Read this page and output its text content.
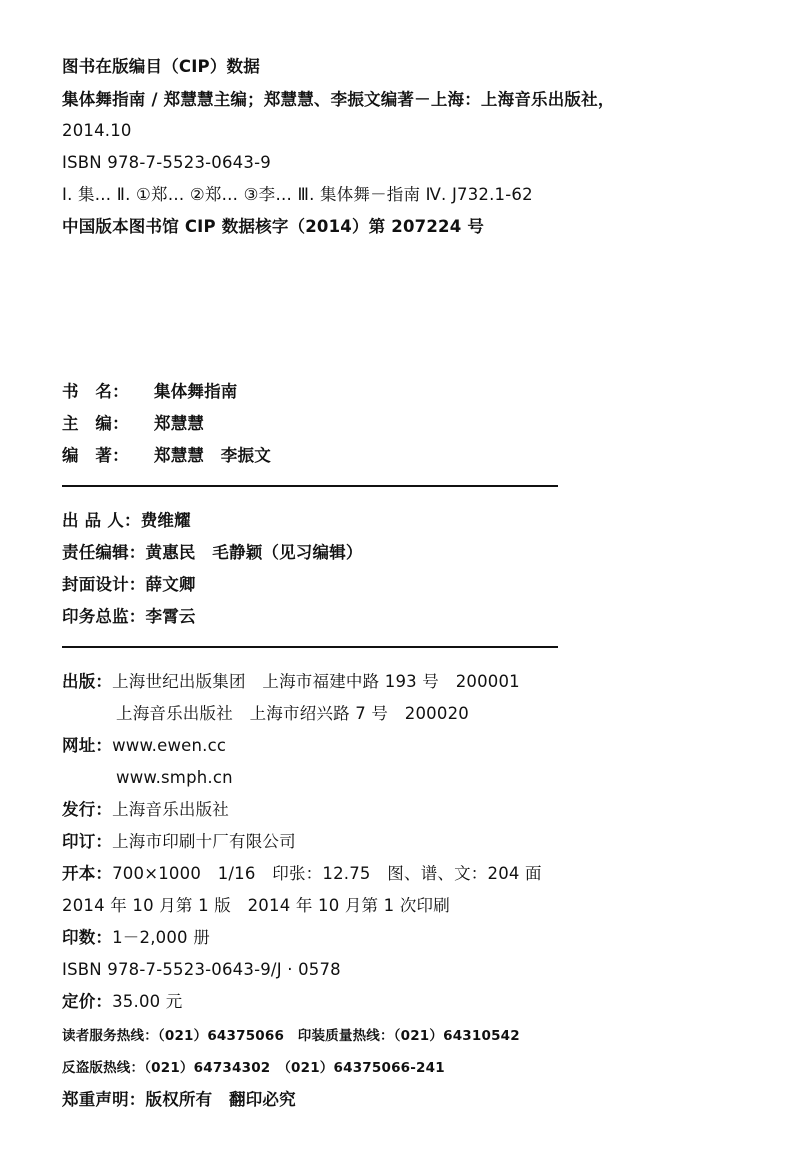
图书在版编目（CIP）数据
集体舞指南 / 郑慧慧主编；郑慧慧、李振文编著－上海：上海音乐出版社，
2014.10
ISBN 978-7-5523-0643-9
Ⅰ. 集… Ⅱ. ①郑… ②郑… ③李… Ⅲ. 集体舞－指南 Ⅳ. J732.1-62
中国版本图书馆 CIP 数据核字（2014）第 207224 号
书　名： 集体舞指南
主　编： 郑慧慧
编　著： 郑慧慧　李振文
出 品 人：费维耀
责任编辑：黄惠民　毛静颖（见习编辑）
封面设计：薛文卿
印务总监：李霄云
出版：上海世纪出版集团　上海市福建中路 193 号　200001
上海音乐出版社　上海市绍兴路 7 号　200020
网址：www.ewen.cc
www.smph.cn
发行：上海音乐出版社
印订：上海市印刷十厂有限公司
开本：700×1000　1/16　印张：12.75　图、谱、文：204 面
2014 年 10 月第 1 版　2014 年 10 月第 1 次印刷
印数：1－2,000 册
ISBN 978-7-5523-0643-9/J · 0578
定价：35.00 元
读者服务热线：（021）64375066　印装质量热线：（021）64310542
反盗版热线：（021）64734302　（021）64375066-241
郑重声明：版权所有　翻印必究
